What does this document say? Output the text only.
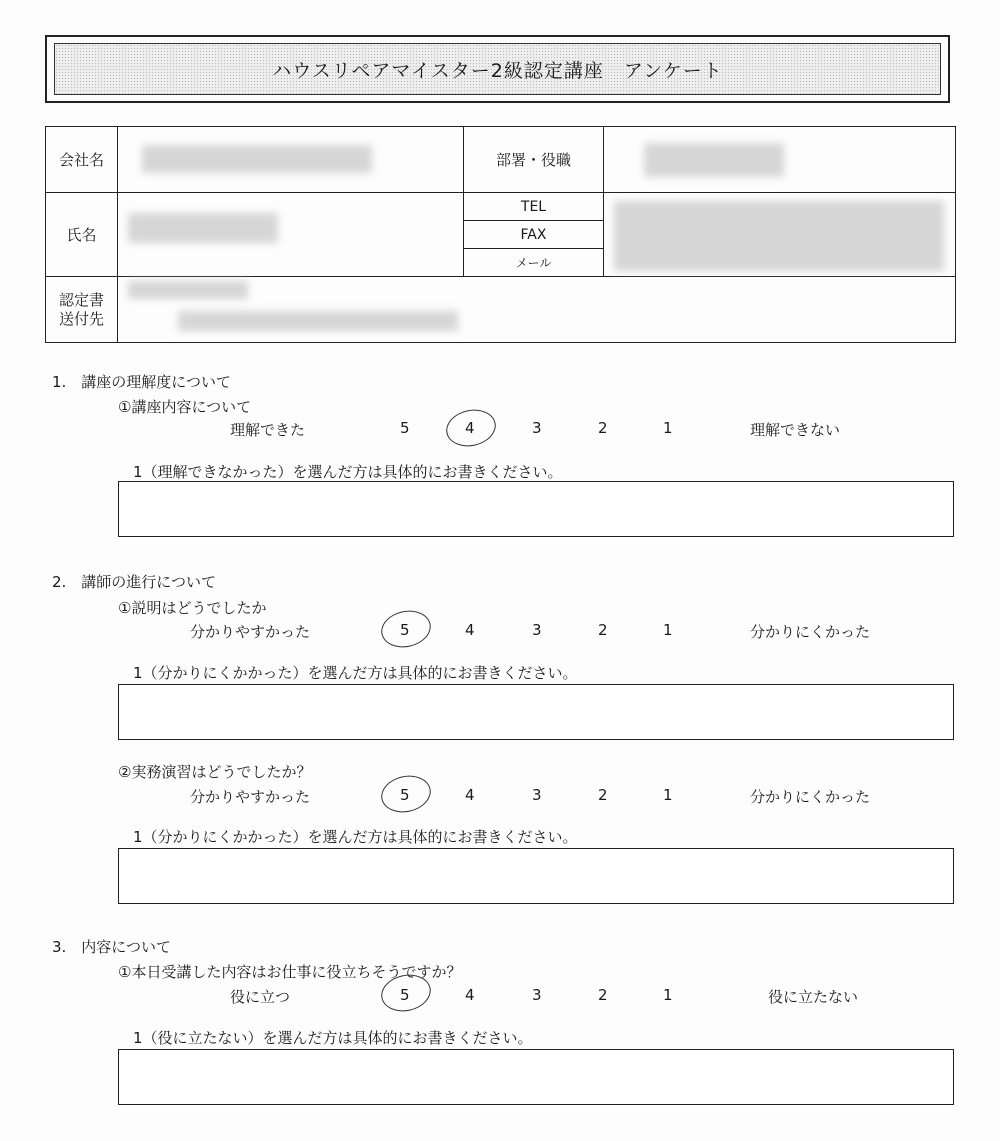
ハウスリペアマイスター2級認定講座　アンケート
会社名		部署・役職	

氏名		TEL	

		FAX	
		メール	
認定書
送付先			
1.　講座の理解度について
①講座内容について
理解できた	5	4	3	2	1	理解できない
1（理解できなかった）を選んだ方は具体的にお書きください。
2.　講師の進行について
①説明はどうでしたか
分かりやすかった	5	4	3	2	1	分かりにくかった
1（分かりにくかかった）を選んだ方は具体的にお書きください。
②実務演習はどうでしたか？
分かりやすかった	5	4	3	2	1	分かりにくかった
1（分かりにくかかった）を選んだ方は具体的にお書きください。
3.　内容について
①本日受講した内容はお仕事に役立ちそうですか？
役に立つ	5	4	3	2	1	役に立たない
1（役に立たない）を選んだ方は具体的にお書きください。
